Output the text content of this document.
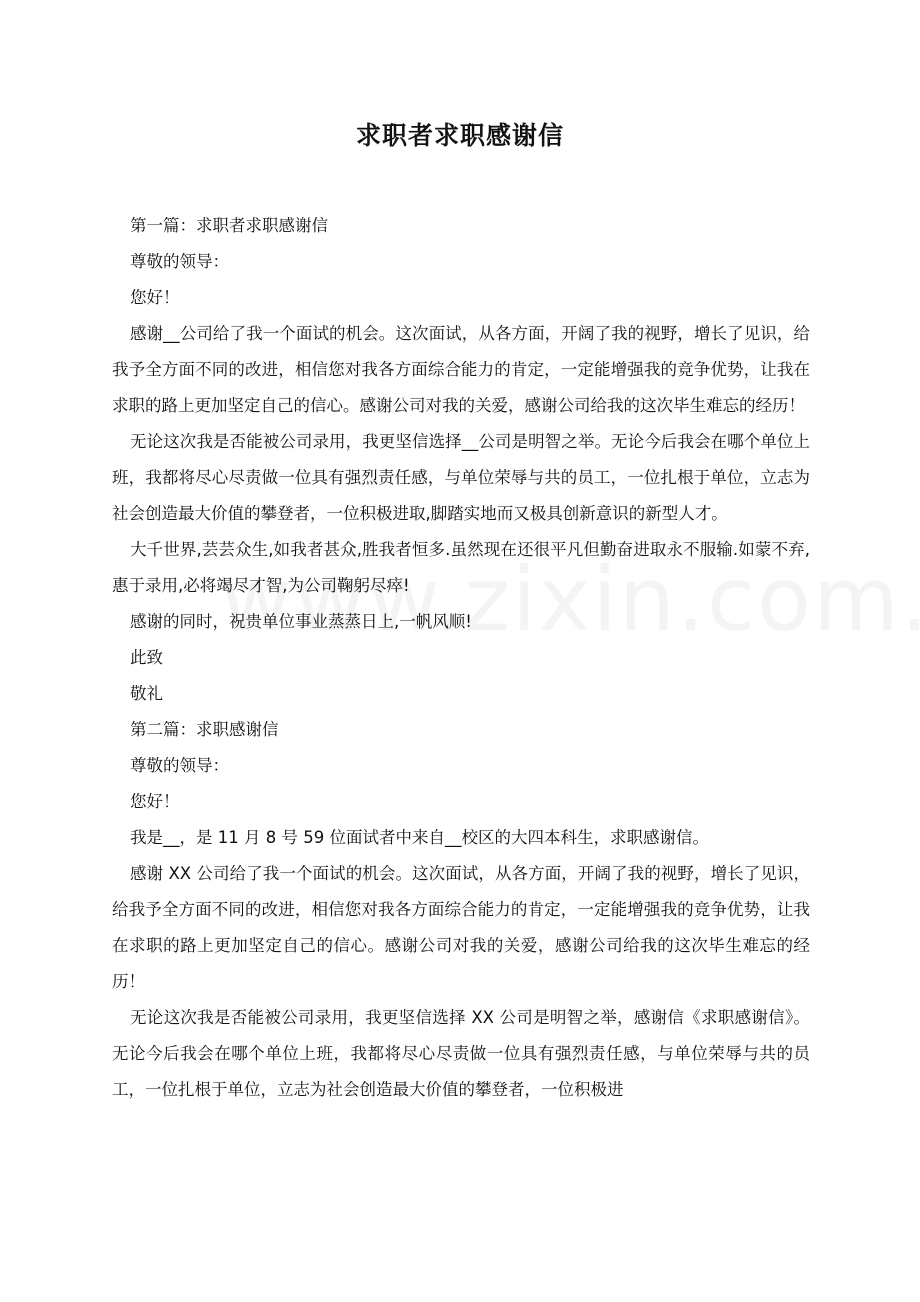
求职者求职感谢信

第一篇：求职者求职感谢信

尊敬的领导：

您好！

感谢__公司给了我一个面试的机会。这次面试，从各方面，开阔了我的视野，增长了见识，给我予全方面不同的改进，相信您对我各方面综合能力的肯定，一定能增强我的竞争优势，让我在求职的路上更加坚定自己的信心。感谢公司对我的关爱，感谢公司给我的这次毕生难忘的经历！

无论这次我是否能被公司录用，我更坚信选择__公司是明智之举。无论今后我会在哪个单位上班，我都将尽心尽责做一位具有强烈责任感，与单位荣辱与共的员工，一位扎根于单位，立志为社会创造最大价值的攀登者，一位积极进取,脚踏实地而又极具创新意识的新型人才。

大千世界,芸芸众生,如我者甚众,胜我者恒多.虽然现在还很平凡但勤奋进取永不服输.如蒙不弃,惠于录用,必将竭尽才智,为公司鞠躬尽瘁!

感谢的同时，祝贵单位事业蒸蒸日上,一帆风顺!

此致

敬礼

第二篇：求职感谢信

尊敬的领导：

您好！

我是__，是 11 月 8 号 59 位面试者中来自__校区的大四本科生，求职感谢信。

感谢 XX 公司给了我一个面试的机会。这次面试，从各方面，开阔了我的视野，增长了见识，给我予全方面不同的改进，相信您对我各方面综合能力的肯定，一定能增强我的竞争优势，让我在求职的路上更加坚定自己的信心。感谢公司对我的关爱，感谢公司给我的这次毕生难忘的经历！

无论这次我是否能被公司录用，我更坚信选择 XX 公司是明智之举，感谢信《求职感谢信》。无论今后我会在哪个单位上班，我都将尽心尽责做一位具有强烈责任感，与单位荣辱与共的员工，一位扎根于单位，立志为社会创造最大价值的攀登者，一位积极进
